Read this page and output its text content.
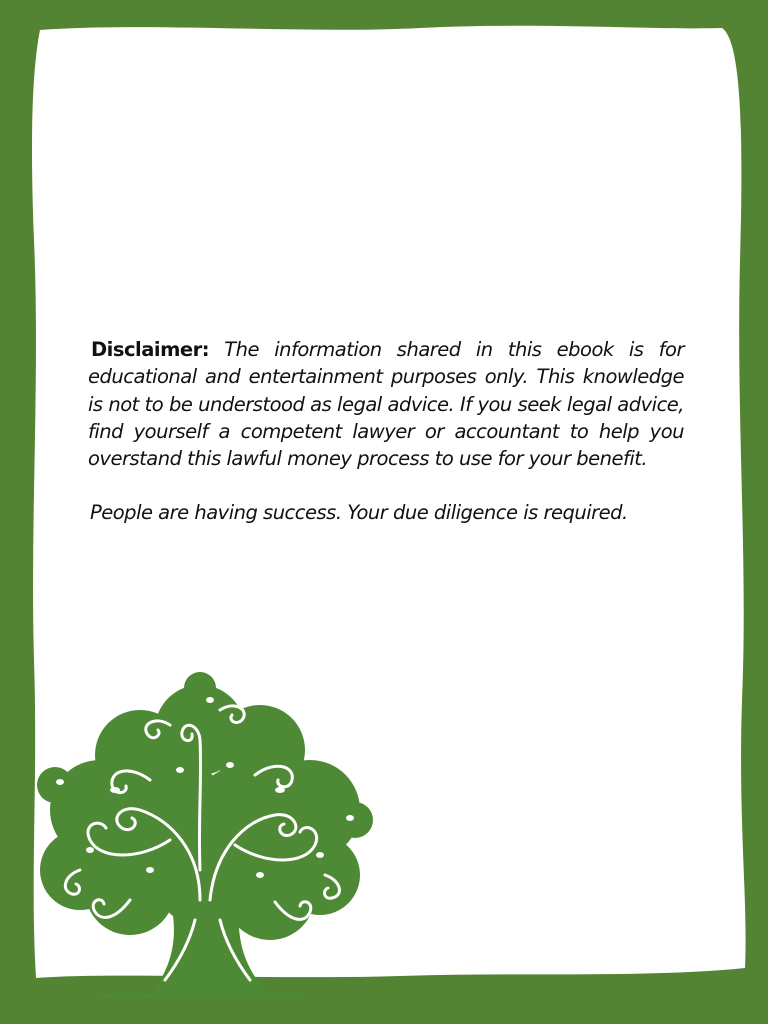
Disclaimer: The information shared in this ebook is for educational and entertainment purposes only. This knowledge is not to be understood as legal advice. If you seek legal advice, find yourself a competent lawyer or accountant to help you overstand this lawful money process to use for your benefit.

People are having success. Your due diligence is required.
